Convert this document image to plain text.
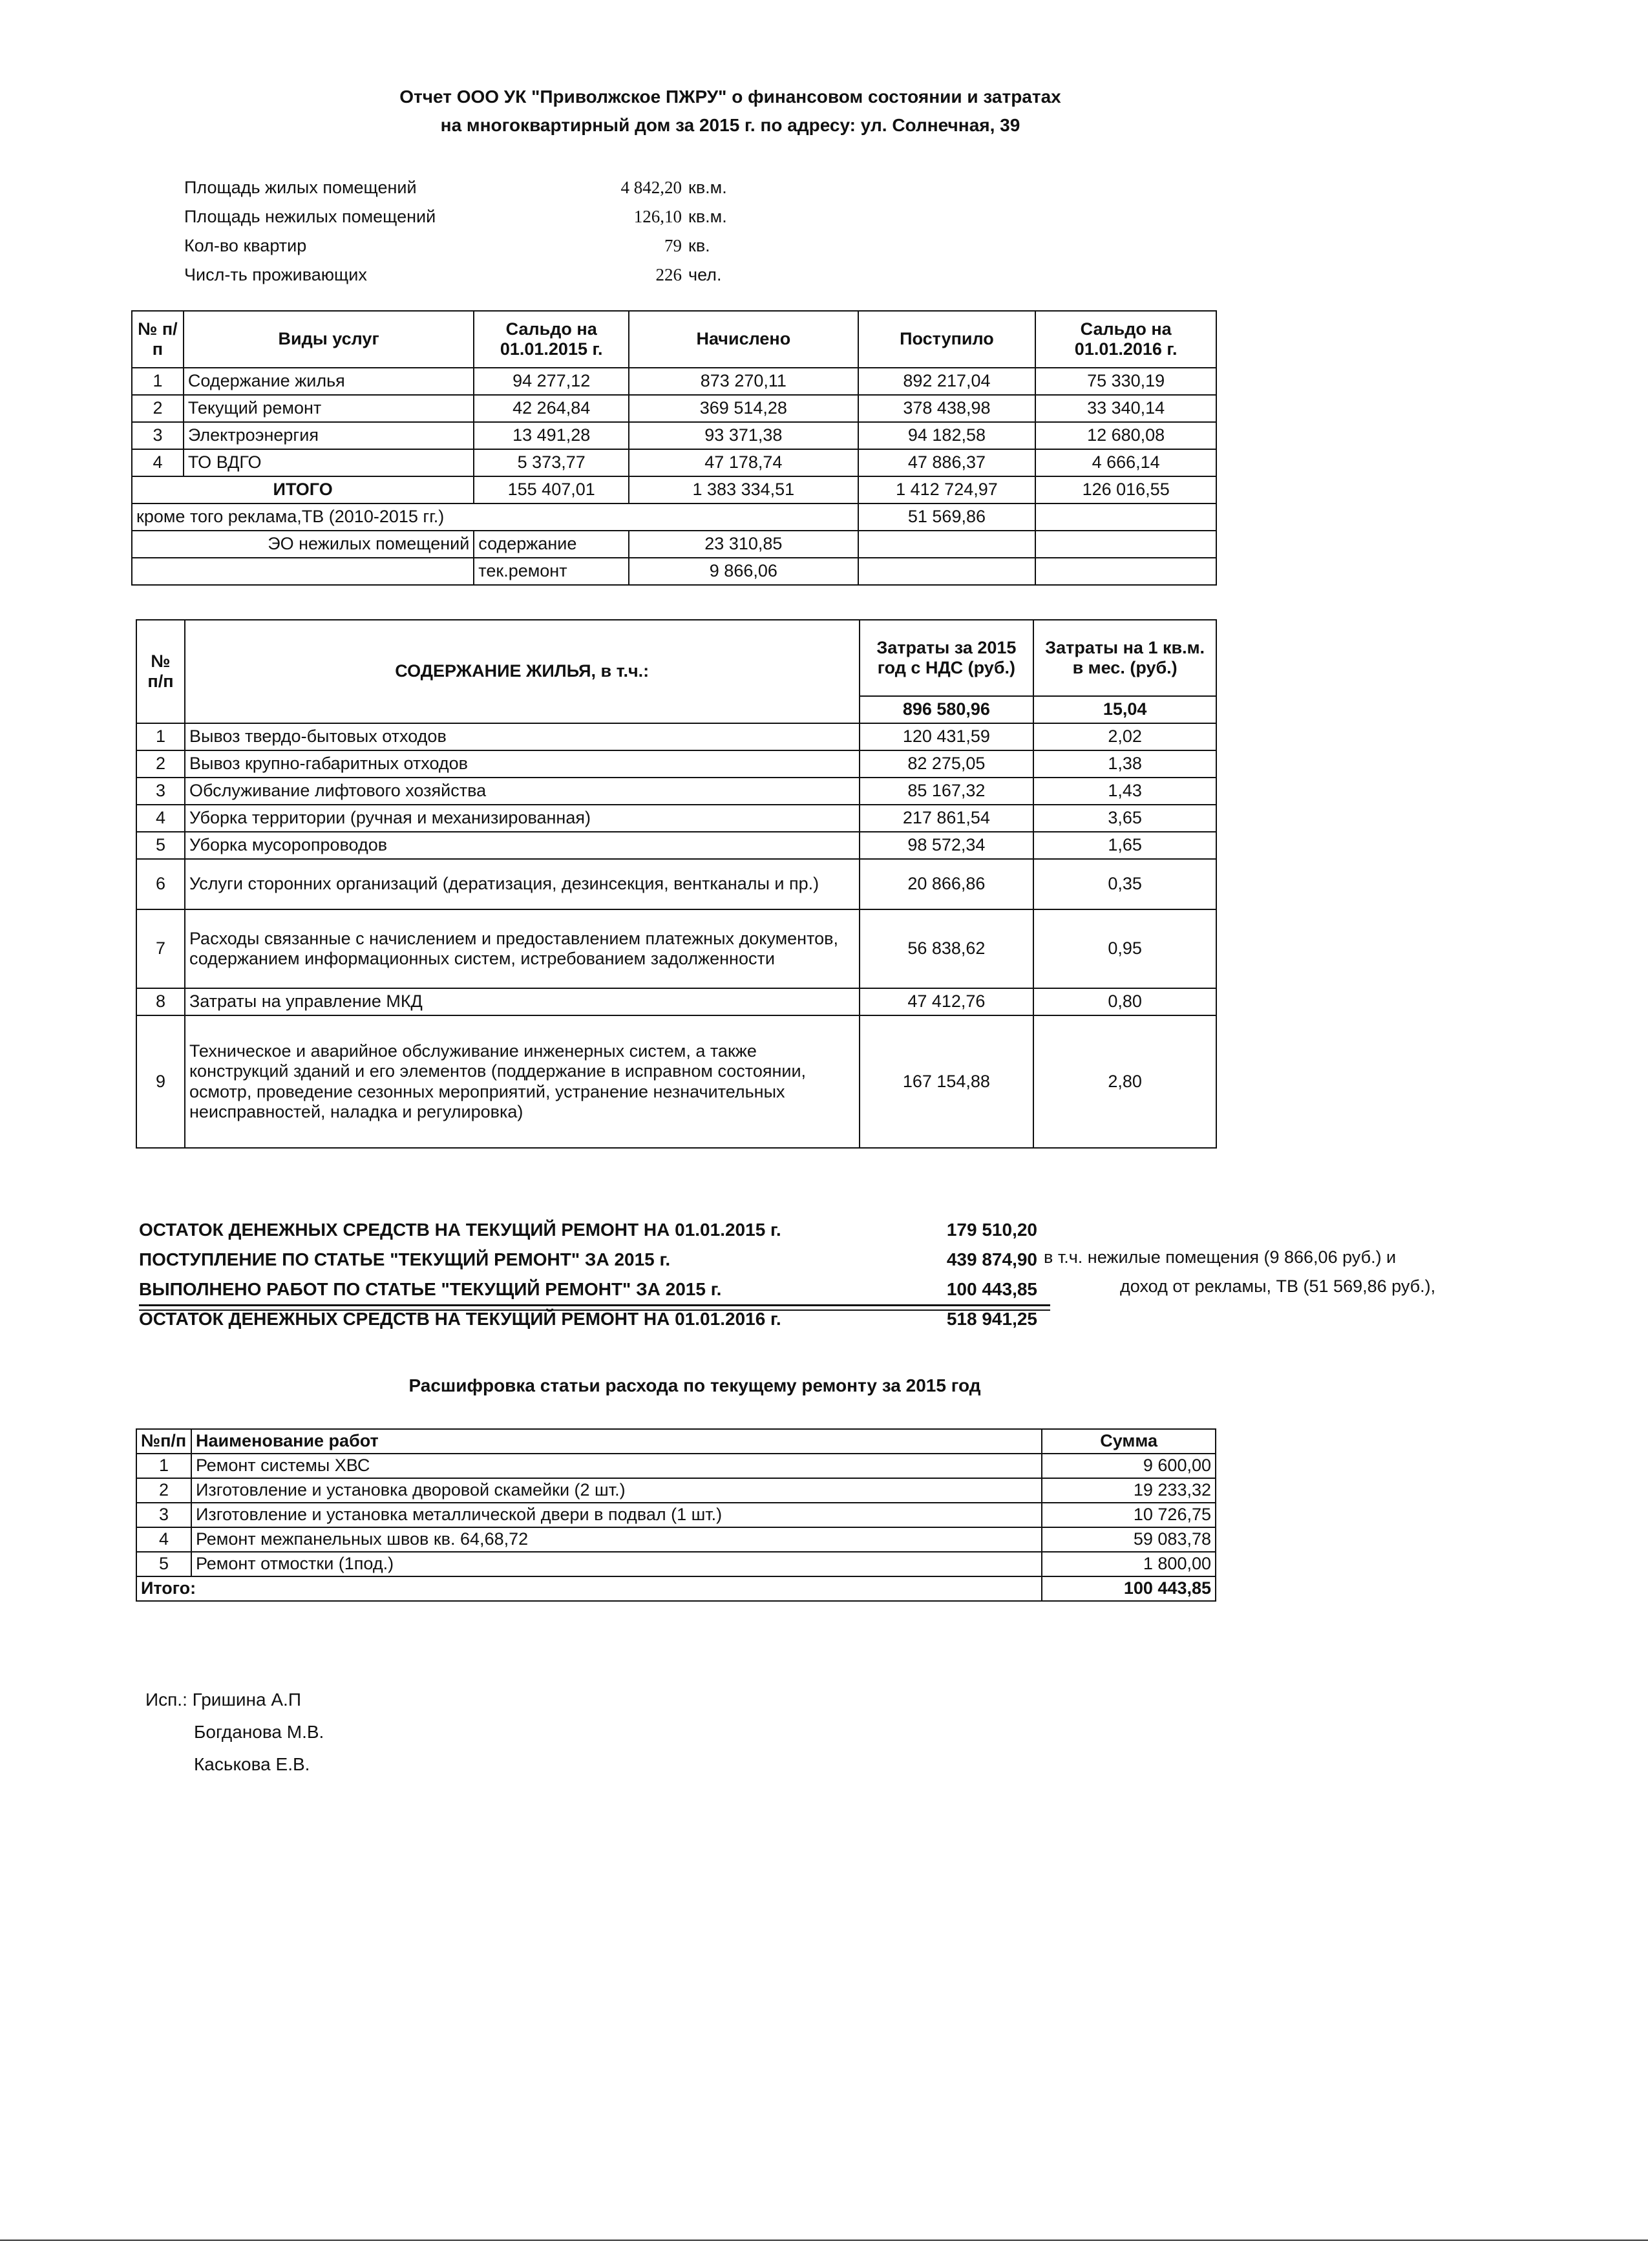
Отчет ООО УК "Приволжское ПЖРУ" о финансовом состоянии и затратах
на многоквартирный дом за 2015 г. по адресу: ул. Солнечная, 39
Площадь жилых помещений	4 842,20 кв.м.
Площадь нежилых помещений	126,10 кв.м.
Кол-во квартир	79 кв.
Числ-ть проживающих	226 чел.
№ п/п	Виды услуг	Сальдо на 01.01.2015 г.	Начислено	Поступило	Сальдо на 01.01.2016 г.
1	Содержание жилья	94 277,12	873 270,11	892 217,04	75 330,19
2	Текущий ремонт	42 264,84	369 514,28	378 438,98	33 340,14
3	Электроэнергия	13 491,28	93 371,38	94 182,58	12 680,08
4	ТО ВДГО	5 373,77	47 178,74	47 886,37	4 666,14
ИТОГО		155 407,01	1 383 334,51	1 412 724,97	126 016,55
кроме того реклама,ТВ (2010-2015 гг.)				51 569,86	
ЭО нежилых помещений		содержание	23 310,85		
		тек.ремонт	9 866,06		
№ п/п	СОДЕРЖАНИЕ ЖИЛЬЯ, в т.ч.:	Затраты за 2015 год с НДС (руб.)	Затраты на 1 кв.м. в мес. (руб.)
		896 580,96	15,04
1	Вывоз твердо-бытовых отходов	120 431,59	2,02
2	Вывоз крупно-габаритных отходов	82 275,05	1,38
3	Обслуживание лифтового хозяйства	85 167,32	1,43
4	Уборка территории (ручная и механизированная)	217 861,54	3,65
5	Уборка мусоропроводов	98 572,34	1,65
6	Услуги сторонних организаций (дератизация, дезинсекция, вентканалы и пр.)	20 866,86	0,35
7	Расходы связанные с начислением и предоставлением платежных документов, содержанием информационных систем, истребованием задолженности	56 838,62	0,95
8	Затраты на управление МКД	47 412,76	0,80
9	Техническое и аварийное обслуживание инженерных систем, а также конструкций зданий и его элементов (поддержание в исправном состоянии, осмотр, проведение сезонных мероприятий, устранение незначительных неисправностей, наладка и регулировка)	167 154,88	2,80
ОСТАТОК ДЕНЕЖНЫХ СРЕДСТВ НА ТЕКУЩИЙ РЕМОНТ НА 01.01.2015 г.	179 510,20
ПОСТУПЛЕНИЕ ПО СТАТЬЕ "ТЕКУЩИЙ РЕМОНТ" ЗА 2015 г.	439 874,90
ВЫПОЛНЕНО РАБОТ ПО СТАТЬЕ "ТЕКУЩИЙ РЕМОНТ" ЗА 2015 г.	100 443,85
ОСТАТОК ДЕНЕЖНЫХ СРЕДСТВ НА ТЕКУЩИЙ РЕМОНТ НА 01.01.2016 г.	518 941,25
в т.ч. нежилые помещения (9 866,06 руб.) и
доход от рекламы, ТВ (51 569,86 руб.),
Расшифровка статьи расхода по текущему ремонту за 2015 год
№п/п	Наименование работ	Сумма
1	Ремонт системы ХВС	9 600,00
2	Изготовление и установка дворовой скамейки (2 шт.)	19 233,32
3	Изготовление и установка металлической двери в подвал (1 шт.)	10 726,75
4	Ремонт межпанельных швов кв. 64,68,72	59 083,78
5	Ремонт отмостки (1под.)	1 800,00
Итого:		100 443,85
Исп.: Гришина А.П
Богданова М.В.
Каськова Е.В.
